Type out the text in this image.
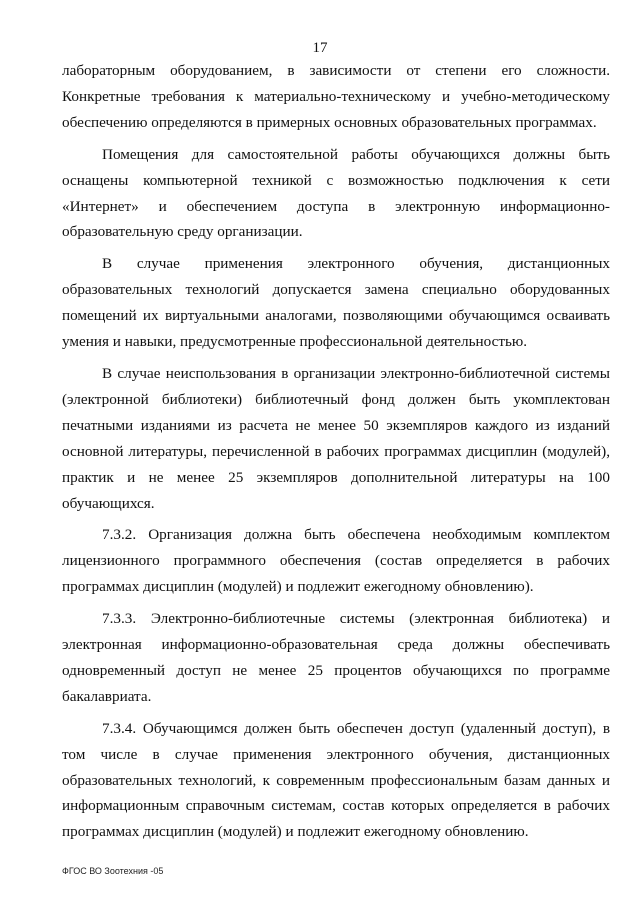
17

лабораторным оборудованием, в зависимости от степени его сложности. Конкретные требования к материально-техническому и учебно-методическому обеспечению определяются в примерных основных образовательных программах.

Помещения для самостоятельной работы обучающихся должны быть оснащены компьютерной техникой с возможностью подключения к сети «Интернет» и обеспечением доступа в электронную информационно-образовательную среду организации.

В случае применения электронного обучения, дистанционных образовательных технологий допускается замена специально оборудованных помещений их виртуальными аналогами, позволяющими обучающимся осваивать умения и навыки, предусмотренные профессиональной деятельностью.

В случае неиспользования в организации электронно-библиотечной системы (электронной библиотеки) библиотечный фонд должен быть укомплектован печатными изданиями из расчета не менее 50 экземпляров каждого из изданий основной литературы, перечисленной в рабочих программах дисциплин (модулей), практик и не менее 25 экземпляров дополнительной литературы на 100 обучающихся.

7.3.2. Организация должна быть обеспечена необходимым комплектом лицензионного программного обеспечения (состав определяется в рабочих программах дисциплин (модулей) и подлежит ежегодному обновлению).

7.3.3. Электронно-библиотечные системы (электронная библиотека) и электронная информационно-образовательная среда должны обеспечивать одновременный доступ не менее 25 процентов обучающихся по программе бакалавриата.

7.3.4. Обучающимся должен быть обеспечен доступ (удаленный доступ), в том числе в случае применения электронного обучения, дистанционных образовательных технологий, к современным профессиональным базам данных и информационным справочным системам, состав которых определяется в рабочих программах дисциплин (модулей) и подлежит ежегодному обновлению.

ФГОС ВО Зоотехния -05
